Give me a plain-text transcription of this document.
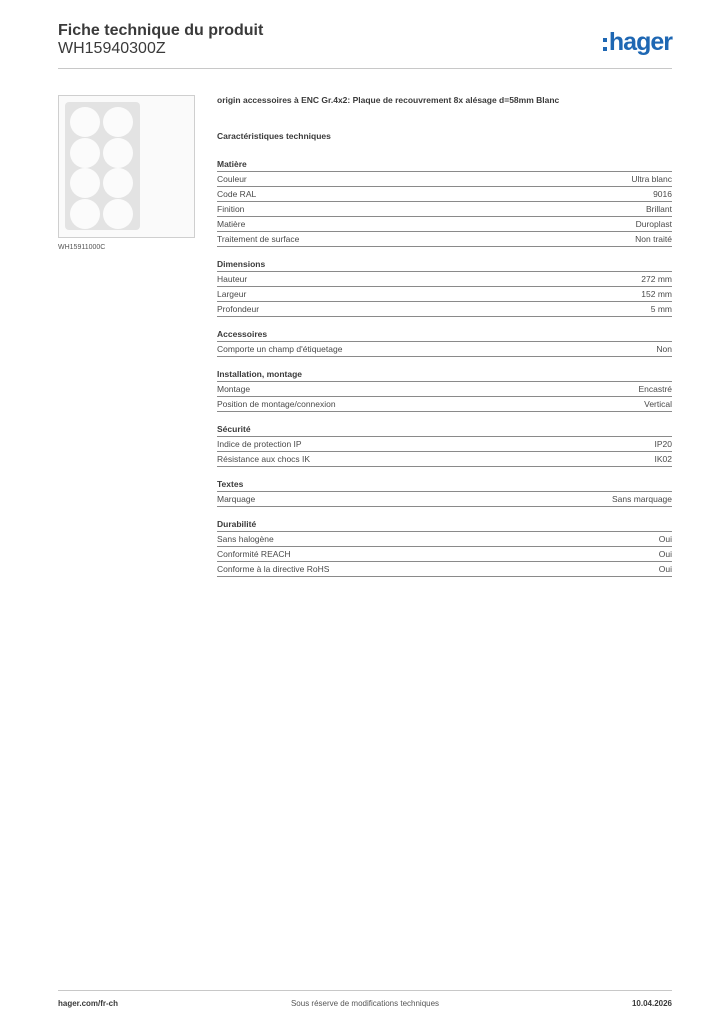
Fiche technique du produit
WH15940300Z	hager
WH15911000C
origin accessoires à ENC Gr.4x2: Plaque de recouvrement 8x alésage d=58mm Blanc
Caractéristiques techniques
Matière
Couleur	Ultra blanc
Code RAL	9016
Finition	Brillant
Matière	Duroplast
Traitement de surface	Non traité
Dimensions
Hauteur	272 mm
Largeur	152 mm
Profondeur	5 mm
Accessoires
Comporte un champ d'étiquetage	Non
Installation, montage
Montage	Encastré
Position de montage/connexion	Vertical
Sécurité
Indice de protection IP	IP20
Résistance aux chocs IK	IK02
Textes
Marquage	Sans marquage
Durabilité
Sans halogène	Oui
Conformité REACH	Oui
Conforme à la directive RoHS	Oui
hager.com/fr-ch	Sous réserve de modifications techniques	10.04.2026
